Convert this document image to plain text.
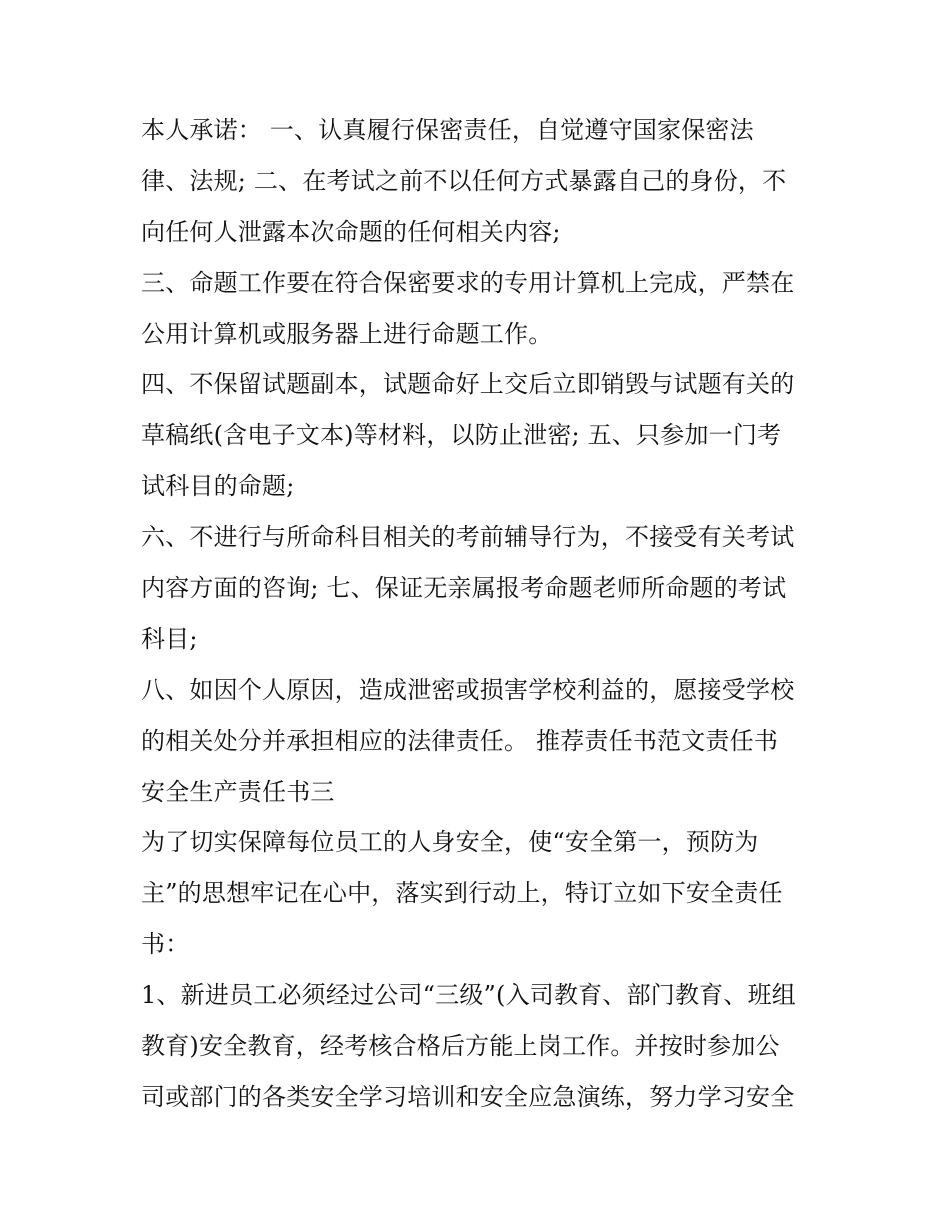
本人承诺： 一、认真履行保密责任，自觉遵守国家保密法
律、法规; 二、在考试之前不以任何方式暴露自己的身份，不
向任何人泄露本次命题的任何相关内容;
三、命题工作要在符合保密要求的专用计算机上完成，严禁在
公用计算机或服务器上进行命题工作。
四、不保留试题副本，试题命好上交后立即销毁与试题有关的
草稿纸(含电子文本)等材料，以防止泄密; 五、只参加一门考
试科目的命题;
六、不进行与所命科目相关的考前辅导行为，不接受有关考试
内容方面的咨询; 七、保证无亲属报考命题老师所命题的考试
科目;
八、如因个人原因，造成泄密或损害学校利益的，愿接受学校
的相关处分并承担相应的法律责任。 推荐责任书范文责任书
安全生产责任书三
为了切实保障每位员工的人身安全，使“安全第一，预防为
主”的思想牢记在心中，落实到行动上，特订立如下安全责任
书：
1、新进员工必须经过公司“三级”(入司教育、部门教育、班组
教育)安全教育，经考核合格后方能上岗工作。并按时参加公
司或部门的各类安全学习培训和安全应急演练，努力学习安全
